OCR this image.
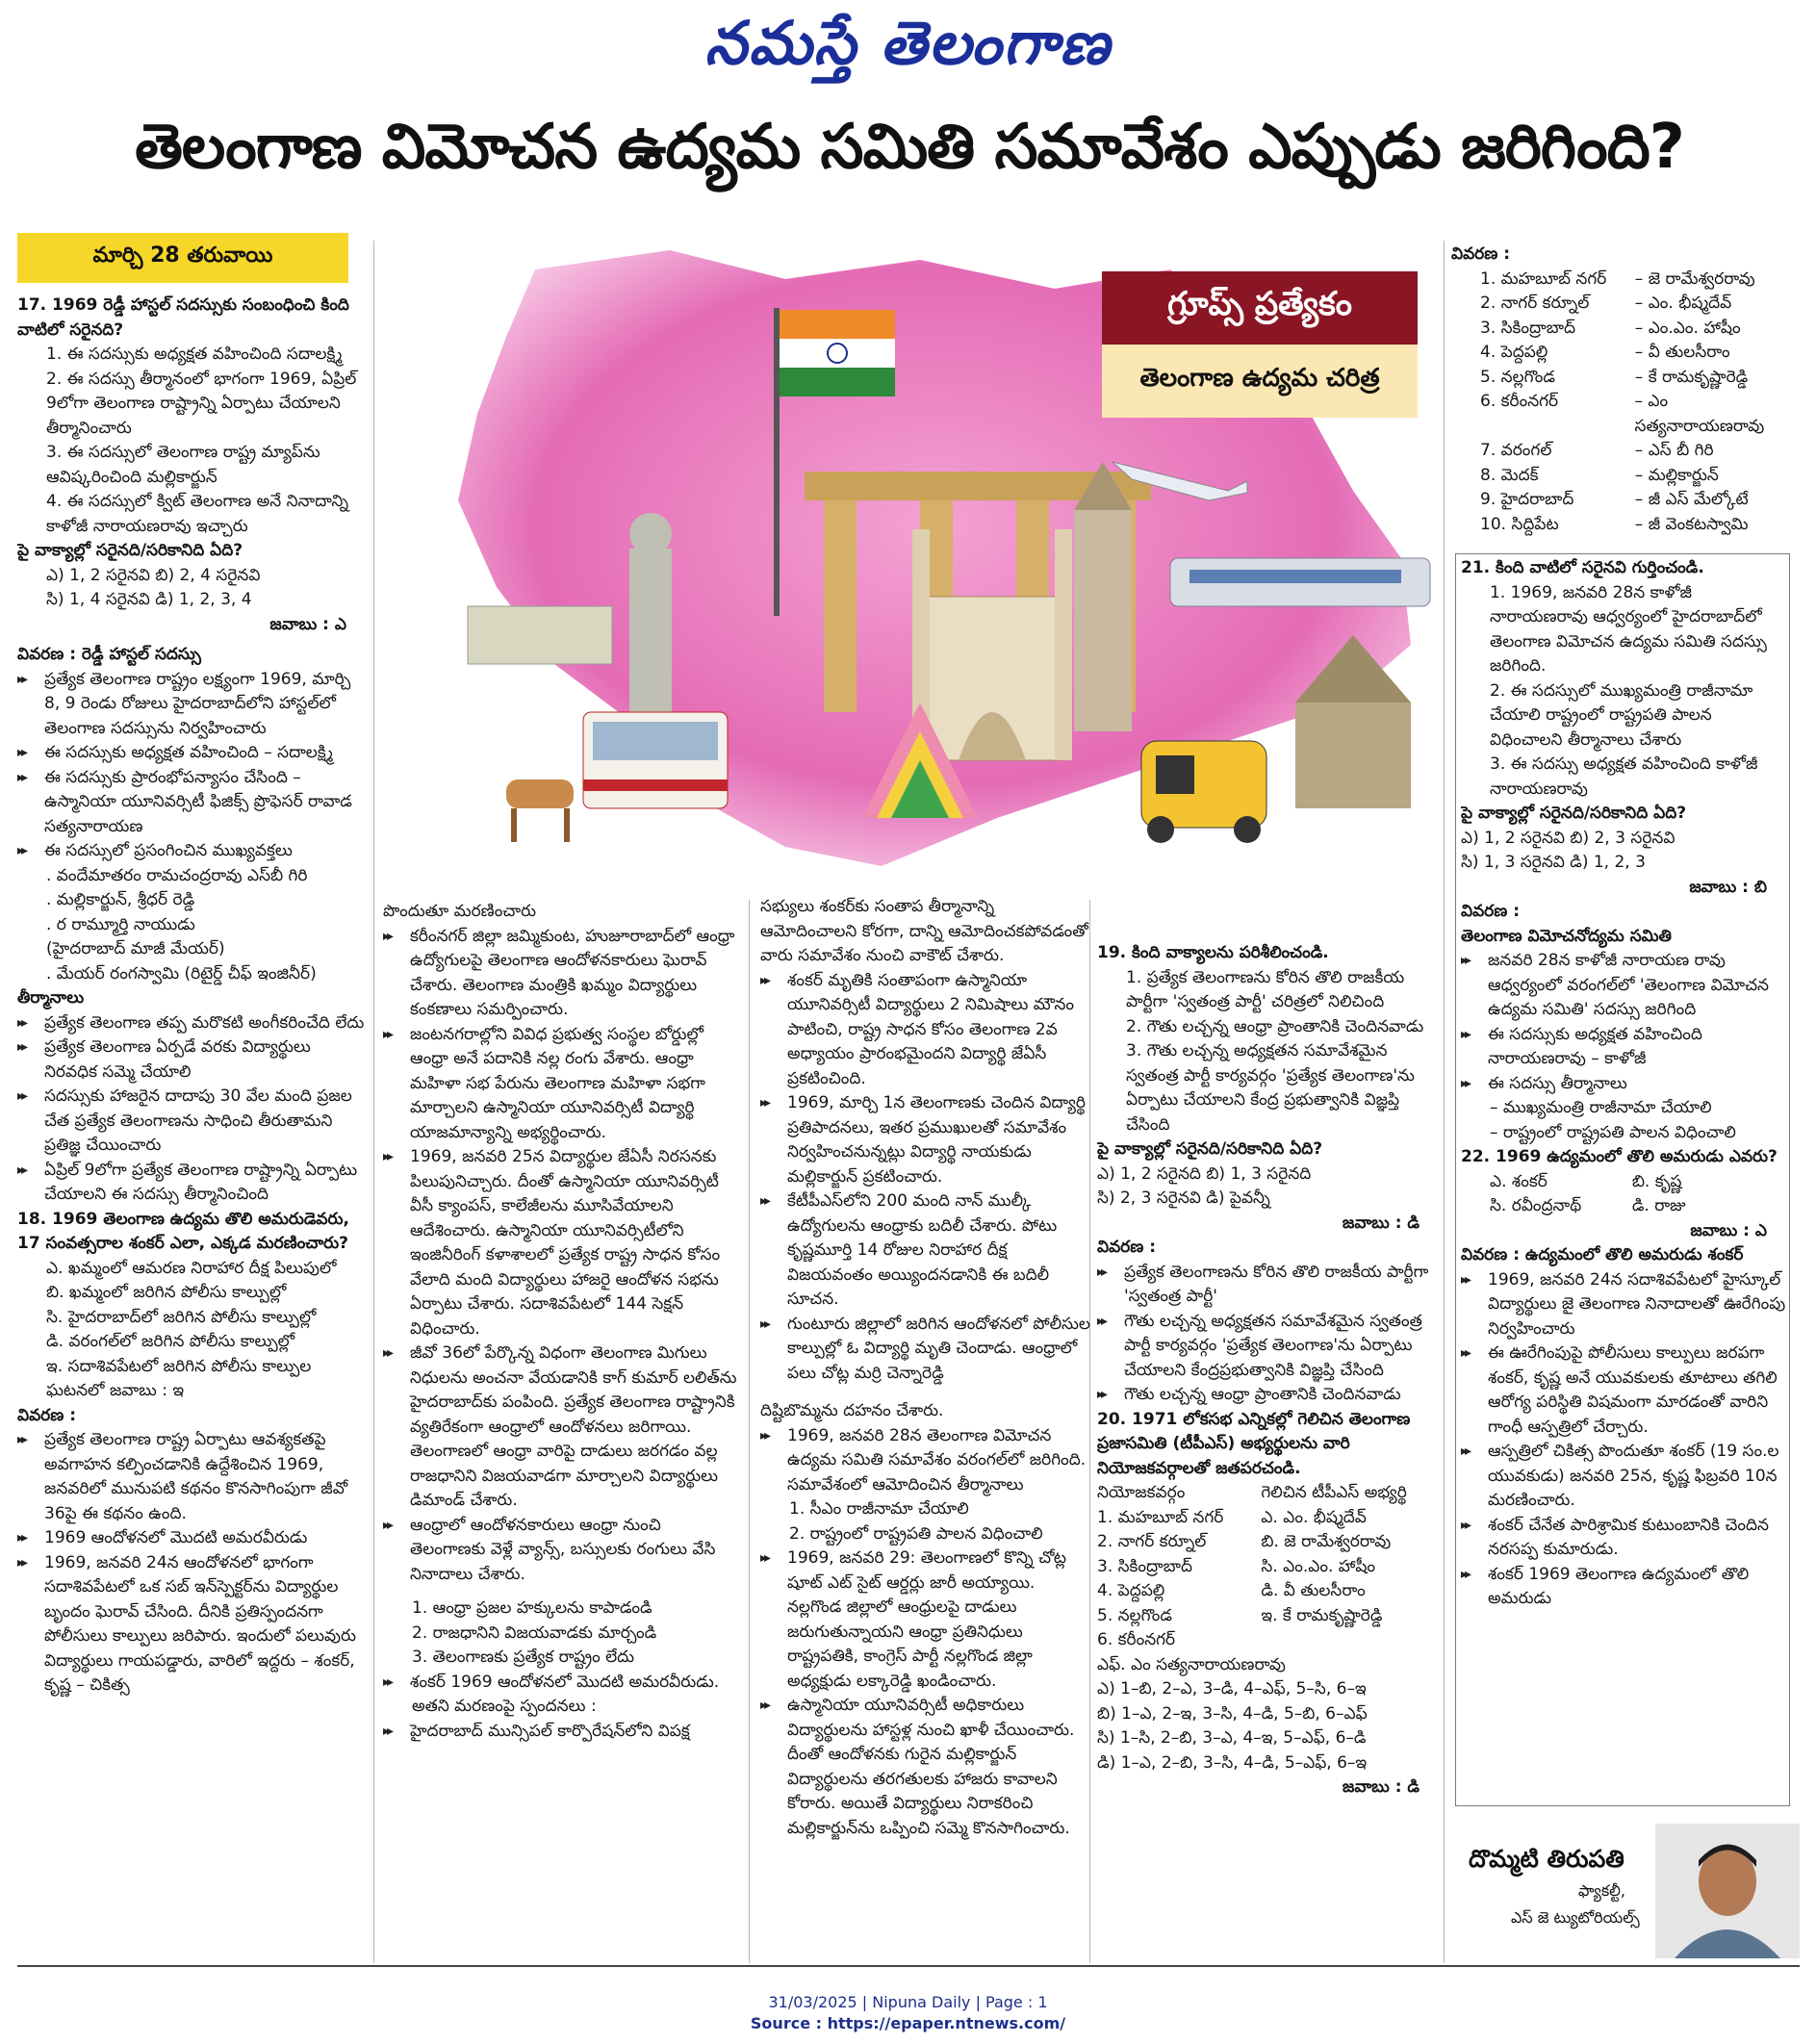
నమస్తే తెలంగాణ
తెలంగాణ విమోచన ఉద్యమ సమితి సమావేశం ఎప్పుడు జరిగింది?
మార్చి 28 తరువాయి
గ్రూప్స్ ప్రత్యేకం
తెలంగాణ ఉద్యమ చరిత్ర

17. 1969 రెడ్డీ హాస్టల్ సదస్సుకు సంబంధించి కింది వాటిలో సరైనది?

1. ఈ సదస్సుకు అధ్యక్షత వహించింది సదాలక్ష్మి

2. ఈ సదస్సు తీర్మానంలో భాగంగా 1969, ఏప్రిల్ 9లోగా తెలంగాణ రాష్ట్రాన్ని ఏర్పాటు చేయాలని తీర్మానించారు

3. ఈ సదస్సులో తెలంగాణ రాష్ట్ర మ్యాప్‌ను ఆవిష్కరించింది మల్లికార్జున్

4. ఈ సదస్సులో క్విట్ తెలంగాణ అనే నినాదాన్ని కాళోజీ నారాయణరావు ఇచ్చారు

పై వాక్యాల్లో సరైనది/సరికానిది ఏది?

ఎ) 1, 2 సరైనవి బి) 2, 4 సరైనవి

సి) 1, 4 సరైనవి డి) 1, 2, 3, 4

జవాబు : ఎ

వివరణ : రెడ్డీ హాస్టల్ సదస్సు

▸▸ ప్రత్యేక తెలంగాణ రాష్ట్రం లక్ష్యంగా 1969, మార్చి 8, 9 రెండు రోజులు హైదరాబాద్‌లోని హాస్టల్‌లో తెలంగాణ సదస్సును నిర్వహించారు

▸▸ ఈ సదస్సుకు అధ్యక్షత వహించింది – సదాలక్ష్మి

▸▸ ఈ సదస్సుకు ప్రారంభోపన్యాసం చేసింది – ఉస్మానియా యూనివర్సిటీ ఫిజిక్స్ ప్రొఫెసర్ రావాడ సత్యనారాయణ

▸▸ ఈ సదస్సులో ప్రసంగించిన ముఖ్యవక్తలు

. వందేమాతరం రామచంద్రరావు ఎస్‌బీ గిరి

. మల్లికార్జున్, శ్రీధర్ రెడ్డి

. ర రామ్మూర్తి నాయుడు

(హైదరాబాద్ మాజీ మేయర్)

. మేయర్ రంగస్వామి (రిటైర్డ్ చీఫ్ ఇంజినీర్)

తీర్మానాలు

▸▸ ప్రత్యేక తెలంగాణ తప్ప మరొకటి అంగీకరించేది లేదు

▸▸ ప్రత్యేక తెలంగాణ ఏర్పడే వరకు విద్యార్థులు నిరవధిక సమ్మె చేయాలి

▸▸ సదస్సుకు హాజరైన దాదాపు 30 వేల మంది ప్రజల చేత ప్రత్యేక తెలంగాణను సాధించి తీరుతామని ప్రతిజ్ఞ చేయించారు

▸▸ ఏప్రిల్ 9లోగా ప్రత్యేక తెలంగాణ రాష్ట్రాన్ని ఏర్పాటు చేయాలని ఈ సదస్సు తీర్మానించింది

18. 1969 తెలంగాణ ఉద్యమ తొలి అమరుడెవరు, 17 సంవత్సరాల శంకర్ ఎలా, ఎక్కడ మరణించారు?

ఎ. ఖమ్మంలో ఆమరణ నిరాహార దీక్ష పిలుపులో

బి. ఖమ్మంలో జరిగిన పోలీసు కాల్పుల్లో

సి. హైదరాబాద్‌లో జరిగిన పోలీసు కాల్పుల్లో

డి. వరంగల్‌లో జరిగిన పోలీసు కాల్పుల్లో

ఇ. సదాశివపేటలో జరిగిన పోలీసు కాల్పుల ఘటనలో జవాబు : ఇ

వివరణ :

▸▸ ప్రత్యేక తెలంగాణ రాష్ట్ర ఏర్పాటు ఆవశ్యకతపై అవగాహన కల్పించడానికి ఉద్దేశించిన 1969, జనవరిలో మునుపటి కథనం కొనసాగింపుగా జీవో 36పై ఈ కథనం ఉంది.

▸▸ 1969 ఆందోళనలో మొదటి అమరవీరుడు

▸▸ 1969, జనవరి 24న ఆందోళనలో భాగంగా సదాశివపేటలో ఒక సబ్ ఇన్‌స్పెక్టర్‌ను విద్యార్థుల బృందం ఘెరావ్ చేసింది. దీనికి ప్రతిస్పందనగా పోలీసులు కాల్పులు జరిపారు. ఇందులో పలువురు విద్యార్థులు గాయపడ్డారు, వారిలో ఇద్దరు – శంకర్, కృష్ణ – చికిత్స

పొందుతూ మరణించారు

▸▸ కరీంనగర్ జిల్లా జమ్మికుంట, హుజూరాబాద్‌లో ఆంధ్రా ఉద్యోగులపై తెలంగాణ ఆందోళనకారులు ఘెరావ్ చేశారు. తెలంగాణ మంత్రికి ఖమ్మం విద్యార్థులు కంకణాలు సమర్పించారు.

▸▸ జంటనగరాల్లోని వివిధ ప్రభుత్వ సంస్థల బోర్డుల్లో ఆంధ్రా అనే పదానికి నల్ల రంగు వేశారు. ఆంధ్రా మహిళా సభ పేరును తెలంగాణ మహిళా సభగా మార్చాలని ఉస్మానియా యూనివర్సిటీ విద్యార్థి యాజమాన్యాన్ని అభ్యర్థించారు.

▸▸ 1969, జనవరి 25న విద్యార్థుల జేఏసీ నిరసనకు పిలుపునిచ్చారు. దీంతో ఉస్మానియా యూనివర్సిటీ వీసీ క్యాంపస్, కాలేజీలను మూసివేయాలని ఆదేశించారు. ఉస్మానియా యూనివర్సిటీలోని ఇంజినీరింగ్ కళాశాలలో ప్రత్యేక రాష్ట్ర సాధన కోసం వేలాది మంది విద్యార్థులు హాజరై ఆందోళన సభను ఏర్పాటు చేశారు. సదాశివపేటలో 144 సెక్షన్ విధించారు.

▸▸ జీవో 36లో పేర్కొన్న విధంగా తెలంగాణ మిగులు నిధులను అంచనా వేయడానికి కాగ్ కుమార్ లలిత్‌ను హైదరాబాద్‌కు పంపింది. ప్రత్యేక తెలంగాణ రాష్ట్రానికి వ్యతిరేకంగా ఆంధ్రాలో ఆందోళనలు జరిగాయి. తెలంగాణలో ఆంధ్రా వారిపై దాడులు జరగడం వల్ల రాజధానిని విజయవాడగా మార్చాలని విద్యార్థులు డిమాండ్ చేశారు.

▸▸ ఆంధ్రాలో ఆందోళనకారులు ఆంధ్రా నుంచి తెలంగాణకు వెళ్లే వ్యాన్స్, బస్సులకు రంగులు వేసి నినాదాలు చేశారు.

1. ఆంధ్రా ప్రజల హక్కులను కాపాడండి

2. రాజధానిని విజయవాడకు మార్చండి

3. తెలంగాణకు ప్రత్యేక రాష్ట్రం లేదు

▸▸ శంకర్ 1969 ఆందోళనలో మొదటి అమరవీరుడు.

అతని మరణంపై స్పందనలు :

▸▸ హైదరాబాద్ మున్సిపల్ కార్పొరేషన్‌లోని విపక్ష

సభ్యులు శంకర్‌కు సంతాప తీర్మానాన్ని ఆమోదించాలని కోరగా, దాన్ని ఆమోదించకపోవడంతో వారు సమావేశం నుంచి వాకౌట్ చేశారు.

▸▸ శంకర్ మృతికి సంతాపంగా ఉస్మానియా యూనివర్సిటీ విద్యార్థులు 2 నిమిషాలు మౌనం పాటించి, రాష్ట్ర సాధన కోసం తెలంగాణ 2వ అధ్యాయం ప్రారంభమైందని విద్యార్థి జేఏసీ ప్రకటించింది.

▸▸ 1969, మార్చి 1న తెలంగాణకు చెందిన విద్యార్థి ప్రతిపాదనలు, ఇతర ప్రముఖులతో సమావేశం నిర్వహించనున్నట్లు విద్యార్థి నాయకుడు మల్లికార్జున్ ప్రకటించారు.

▸▸ కేటీపీఎస్‌లోని 200 మంది నాన్ ముల్కీ ఉద్యోగులను ఆంధ్రాకు బదిలీ చేశారు. పోటు కృష్ణమూర్తి 14 రోజుల నిరాహార దీక్ష విజయవంతం అయ్యిందనడానికి ఈ బదిలీ సూచన.

▸▸ గుంటూరు జిల్లాలో జరిగిన ఆందోళనలో పోలీసుల కాల్పుల్లో ఓ విద్యార్థి మృతి చెందాడు. ఆంధ్రాలో పలు చోట్ల మర్రి చెన్నారెడ్డి

దిష్టిబొమ్మను దహనం చేశారు.

▸▸ 1969, జనవరి 28న తెలంగాణ విమోచన ఉద్యమ సమితి సమావేశం వరంగల్‌లో జరిగింది. సమావేశంలో ఆమోదించిన తీర్మానాలు

1. సీఎం రాజీనామా చేయాలి

2. రాష్ట్రంలో రాష్ట్రపతి పాలన విధించాలి

▸▸ 1969, జనవరి 29: తెలంగాణలో కొన్ని చోట్ల షూట్ ఎట్ సైట్ ఆర్డర్లు జారీ అయ్యాయి. నల్లగొండ జిల్లాలో ఆంధ్రులపై దాడులు జరుగుతున్నాయని ఆంధ్రా ప్రతినిధులు రాష్ట్రపతికి, కాంగ్రెస్ పార్టీ నల్లగొండ జిల్లా అధ్యక్షుడు లక్కారెడ్డి ఖండించారు.

▸▸ ఉస్మానియా యూనివర్సిటీ అధికారులు విద్యార్థులను హాస్టళ్ల నుంచి ఖాళీ చేయించారు. దీంతో ఆందోళనకు గురైన మల్లికార్జున్ విద్యార్థులను తరగతులకు హాజరు కావాలని కోరారు. అయితే విద్యార్థులు నిరాకరించి మల్లికార్జున్‌ను ఒప్పించి సమ్మె కొనసాగించారు.

19. కింది వాక్యాలను పరిశీలించండి.

1. ప్రత్యేక తెలంగాణను కోరిన తొలి రాజకీయ పార్టీగా 'స్వతంత్ర పార్టీ' చరిత్రలో నిలిచింది

2. గౌతు లచ్చన్న ఆంధ్రా ప్రాంతానికి చెందినవాడు

3. గౌతు లచ్చన్న అధ్యక్షతన సమావేశమైన స్వతంత్ర పార్టీ కార్యవర్గం 'ప్రత్యేక తెలంగాణ'ను ఏర్పాటు చేయాలని కేంద్ర ప్రభుత్వానికి విజ్ఞప్తి చేసింది

పై వాక్యాల్లో సరైనది/సరికానిది ఏది?

ఎ) 1, 2 సరైనది బి) 1, 3 సరైనది

సి) 2, 3 సరైనవి డి) పైవన్నీ

జవాబు : డి

వివరణ :

▸▸ ప్రత్యేక తెలంగాణను కోరిన తొలి రాజకీయ పార్టీగా 'స్వతంత్ర పార్టీ'

▸▸ గౌతు లచ్చన్న అధ్యక్షతన సమావేశమైన స్వతంత్ర పార్టీ కార్యవర్గం 'ప్రత్యేక తెలంగాణ'ను ఏర్పాటు చేయాలని కేంద్రప్రభుత్వానికి విజ్ఞప్తి చేసింది

▸▸ గౌతు లచ్చన్న ఆంధ్రా ప్రాంతానికి చెందినవాడు

20. 1971 లోకసభ ఎన్నికల్లో గెలిచిన తెలంగాణ ప్రజాసమితి (టీపీఎస్) అభ్యర్థులను వారి నియోజకవర్గాలతో జతపరచండి.

నియోజకవర్గం	గెలిచిన టీపీఎస్ అభ్యర్థి

1. మహబూబ్ నగర్	ఎ. ఎం. భీష్మదేవ్

2. నాగర్ కర్నూల్	బి. జె రామేశ్వరరావు

3. సికింద్రాబాద్	సి. ఎం.ఎం. హాషీం

4. పెద్దపల్లి	డి. వీ తులసీరాం

5. నల్లగొండ	ఇ. కే రామకృష్ణారెడ్డి

6. కరీంనగర్

ఎఫ్. ఎం సత్యనారాయణరావు

ఎ) 1–బి, 2–ఎ, 3–డి, 4–ఎఫ్, 5–సి, 6–ఇ

బి) 1–ఎ, 2–ఇ, 3–సి, 4–డి, 5–బి, 6–ఎఫ్

సి) 1–సి, 2–బి, 3–ఎ, 4–ఇ, 5–ఎఫ్, 6–డి

డి) 1–ఎ, 2–బి, 3–సి, 4–డి, 5–ఎఫ్, 6–ఇ

జవాబు : డి

వివరణ :

1. మహబూబ్ నగర్	– జె రామేశ్వరరావు

2. నాగర్ కర్నూల్	– ఎం. భీష్మదేవ్

3. సికింద్రాబాద్	– ఎం.ఎం. హాషీం

4. పెద్దపల్లి	– వీ తులసీరాం

5. నల్లగొండ	– కే రామకృష్ణారెడ్డి

6. కరీంనగర్	– ఎం సత్యనారాయణరావు

7. వరంగల్	– ఎస్ బీ గిరి

8. మెదక్	– మల్లికార్జున్

9. హైదరాబాద్	– జీ ఎస్ మేల్కోటే

10. సిద్దిపేట	– జీ వెంకటస్వామి

21. కింది వాటిలో సరైనవి గుర్తించండి.

1. 1969, జనవరి 28న కాళోజీ నారాయణరావు ఆధ్వర్యంలో హైదరాబాద్‌లో తెలంగాణ విమోచన ఉద్యమ సమితి సదస్సు జరిగింది.

2. ఈ సదస్సులో ముఖ్యమంత్రి రాజీనామా చేయాలి రాష్ట్రంలో రాష్ట్రపతి పాలన విధించాలని తీర్మానాలు చేశారు

3. ఈ సదస్సు అధ్యక్షత వహించింది కాళోజీ నారాయణరావు

పై వాక్యాల్లో సరైనది/సరికానిది ఏది?

ఎ) 1, 2 సరైనవి బి) 2, 3 సరైనవి

సి) 1, 3 సరైనవి డి) 1, 2, 3

జవాబు : బి

వివరణ :

తెలంగాణ విమోచనోద్యమ సమితి

▸▸ జనవరి 28న కాళోజీ నారాయణ రావు ఆధ్వర్యంలో వరంగల్‌లో 'తెలంగాణ విమోచన ఉద్యమ సమితి' సదస్సు జరిగింది

▸▸ ఈ సదస్సుకు అధ్యక్షత వహించింది నారాయణరావు – కాళోజీ

▸▸ ఈ సదస్సు తీర్మానాలు

– ముఖ్యమంత్రి రాజీనామా చేయాలి

– రాష్ట్రంలో రాష్ట్రపతి పాలన విధించాలి

22. 1969 ఉద్యమంలో తొలి అమరుడు ఎవరు?

ఎ. శంకర్	బి. కృష్ణ

సి. రవీంద్రనాథ్	డి. రాజు

జవాబు : ఎ

వివరణ : ఉద్యమంలో తొలి అమరుడు శంకర్

▸▸ 1969, జనవరి 24న సదాశివపేటలో హైస్కూల్ విద్యార్థులు జై తెలంగాణ నినాదాలతో ఊరేగింపు నిర్వహించారు

▸▸ ఈ ఊరేగింపుపై పోలీసులు కాల్పులు జరపగా శంకర్, కృష్ణ అనే యువకులకు తూటాలు తగిలి ఆరోగ్య పరిస్థితి విషమంగా మారడంతో వారిని గాంధీ ఆస్పత్రిలో చేర్చారు.

▸▸ ఆస్పత్రిలో చికిత్స పొందుతూ శంకర్ (19 సం.ల యువకుడు) జనవరి 25న, కృష్ణ ఫిబ్రవరి 10న మరణించారు.

▸▸ శంకర్ చేనేత పారిశ్రామిక కుటుంబానికి చెందిన నరసప్ప కుమారుడు.

▸▸ శంకర్ 1969 తెలంగాణ ఉద్యమంలో తొలి అమరుడు

దొమ్మటి తిరుపతి
ఫ్యాకల్టీ,
ఎస్ జె ట్యుటోరియల్స్
31/03/2025 | Nipuna Daily | Page : 1
Source : https://epaper.ntnews.com/
